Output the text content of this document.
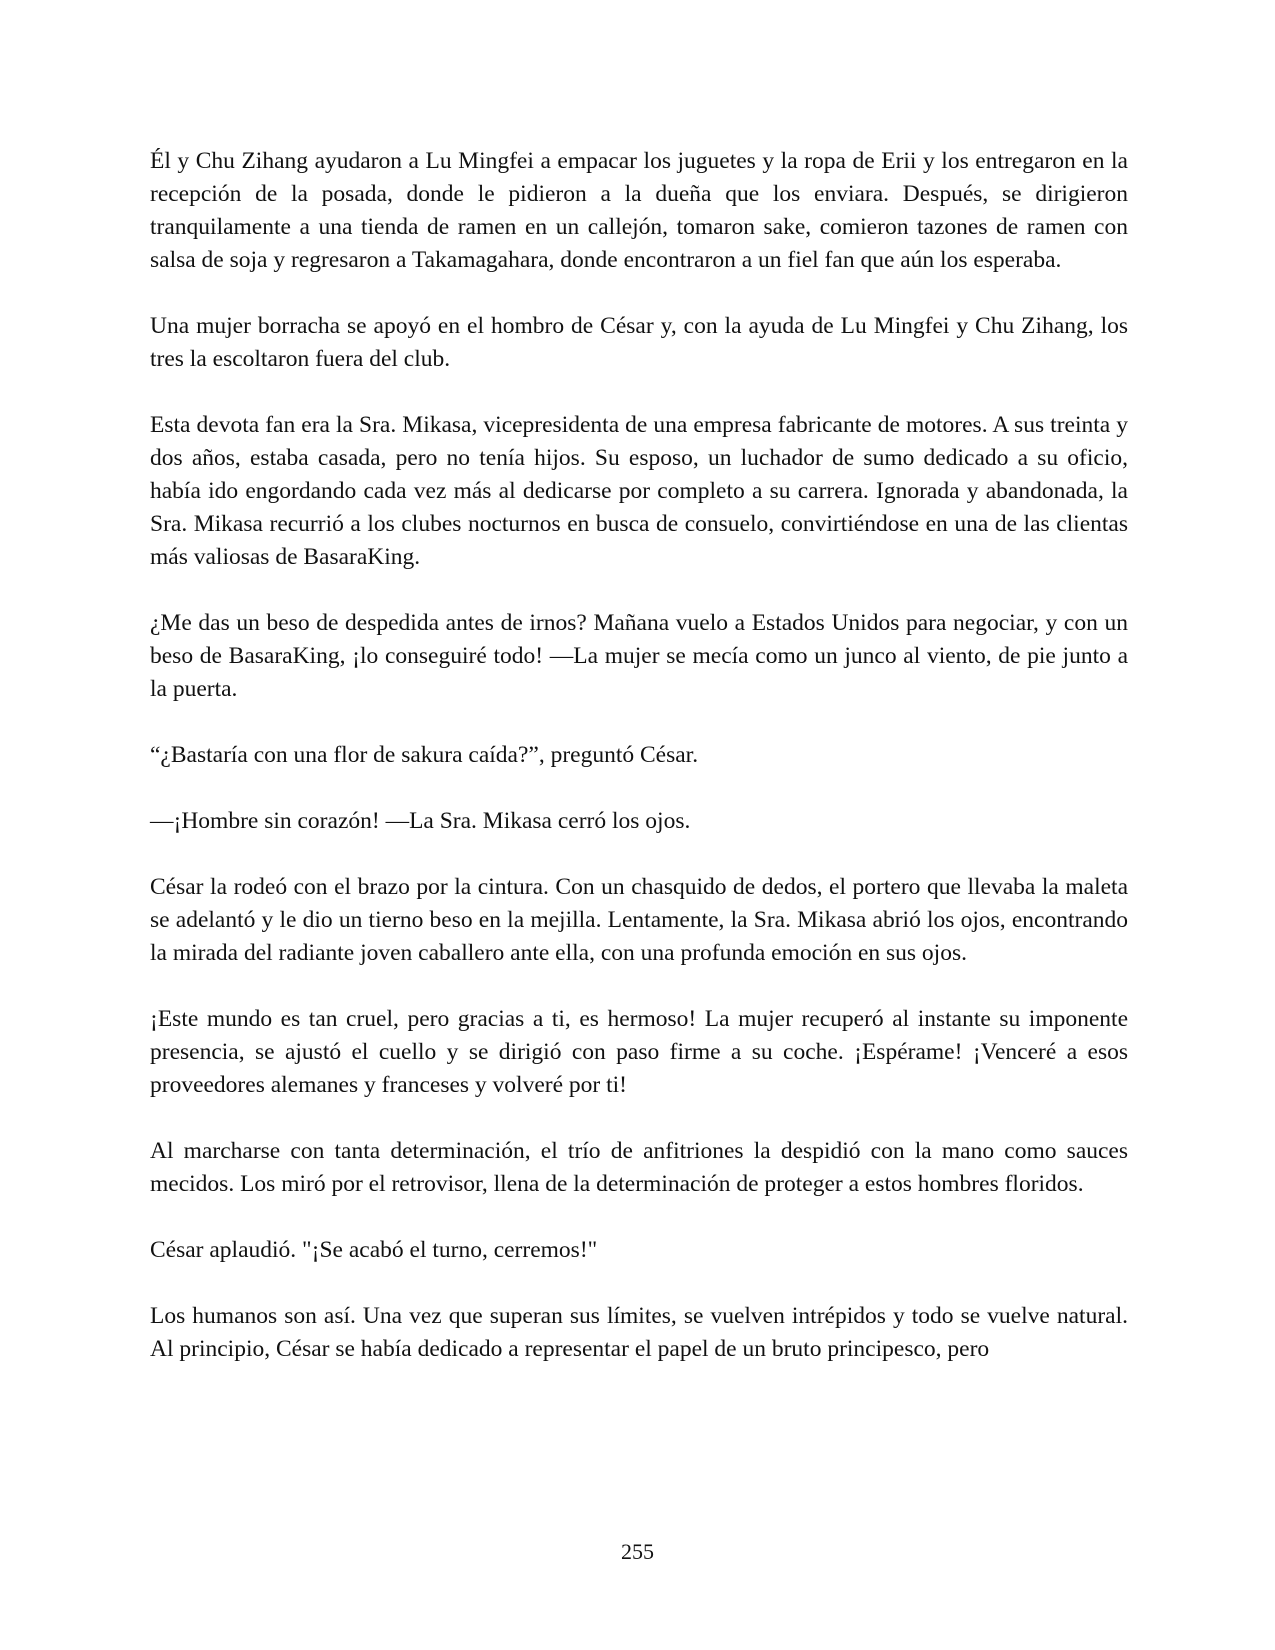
Él y Chu Zihang ayudaron a Lu Mingfei a empacar los juguetes y la ropa de Erii y los entregaron en la recepción de la posada, donde le pidieron a la dueña que los enviara. Después, se dirigieron tranquilamente a una tienda de ramen en un callejón, tomaron sake, comieron tazones de ramen con salsa de soja y regresaron a Takamagahara, donde encontraron a un fiel fan que aún los esperaba.

Una mujer borracha se apoyó en el hombro de César y, con la ayuda de Lu Mingfei y Chu Zihang, los tres la escoltaron fuera del club.

Esta devota fan era la Sra. Mikasa, vicepresidenta de una empresa fabricante de motores. A sus treinta y dos años, estaba casada, pero no tenía hijos. Su esposo, un luchador de sumo dedicado a su oficio, había ido engordando cada vez más al dedicarse por completo a su carrera. Ignorada y abandonada, la Sra. Mikasa recurrió a los clubes nocturnos en busca de consuelo, convirtiéndose en una de las clientas más valiosas de BasaraKing.

¿Me das un beso de despedida antes de irnos? Mañana vuelo a Estados Unidos para negociar, y con un beso de BasaraKing, ¡lo conseguiré todo! —La mujer se mecía como un junco al viento, de pie junto a la puerta.

“¿Bastaría con una flor de sakura caída?”, preguntó César.

—¡Hombre sin corazón! —La Sra. Mikasa cerró los ojos.

César la rodeó con el brazo por la cintura. Con un chasquido de dedos, el portero que llevaba la maleta se adelantó y le dio un tierno beso en la mejilla. Lentamente, la Sra. Mikasa abrió los ojos, encontrando la mirada del radiante joven caballero ante ella, con una profunda emoción en sus ojos.

¡Este mundo es tan cruel, pero gracias a ti, es hermoso! La mujer recuperó al instante su imponente presencia, se ajustó el cuello y se dirigió con paso firme a su coche. ¡Espérame! ¡Venceré a esos proveedores alemanes y franceses y volveré por ti!

Al marcharse con tanta determinación, el trío de anfitriones la despidió con la mano como sauces mecidos. Los miró por el retrovisor, llena de la determinación de proteger a estos hombres floridos.

César aplaudió. "¡Se acabó el turno, cerremos!"

Los humanos son así. Una vez que superan sus límites, se vuelven intrépidos y todo se vuelve natural. Al principio, César se había dedicado a representar el papel de un bruto principesco, pero

255
